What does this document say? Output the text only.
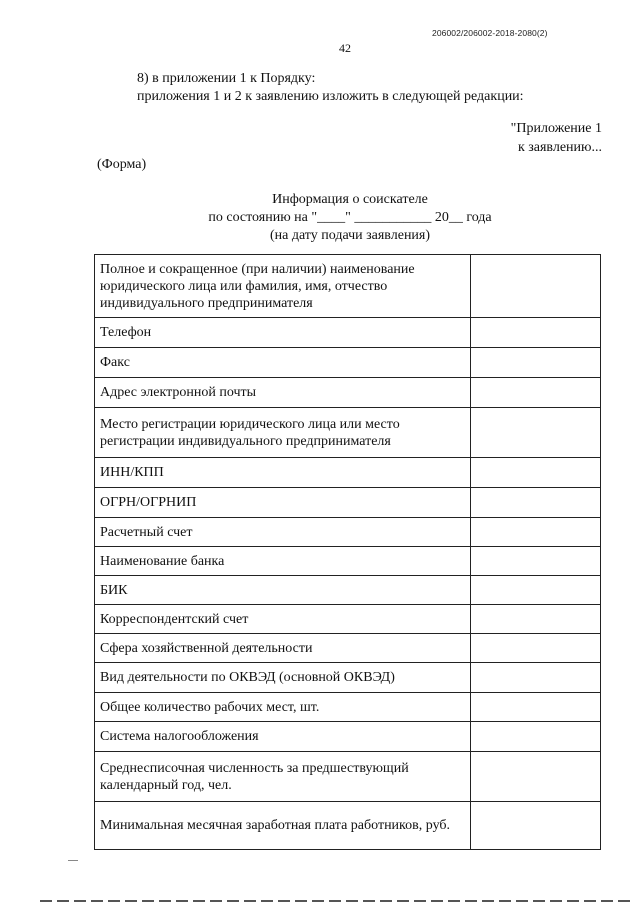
206002/206002-2018-2080(2)
42
8) в приложении 1 к Порядку:
приложения 1 и 2 к заявлению изложить в следующей редакции:
"Приложение 1
к заявлению...
(Форма)
Информация о соискателе
по состоянию на "____" ___________ 20__ года
(на дату подачи заявления)
Полное и сокращенное (при наличии) наименование юридического лица или фамилия, имя, отчество индивидуального предпринимателя	
Телефон	
Факс	
Адрес электронной почты	
Место регистрации юридического лица или место регистрации индивидуального предпринимателя	
ИНН/КПП	
ОГРН/ОГРНИП	
Расчетный счет	
Наименование банка	
БИК	
Корреспондентский счет	
Сфера хозяйственной деятельности	
Вид деятельности по ОКВЭД (основной ОКВЭД)	
Общее количество рабочих мест, шт.	
Система налогообложения	
Среднесписочная численность за предшествующий календарный год, чел.	
Минимальная месячная заработная плата работников, руб.	
